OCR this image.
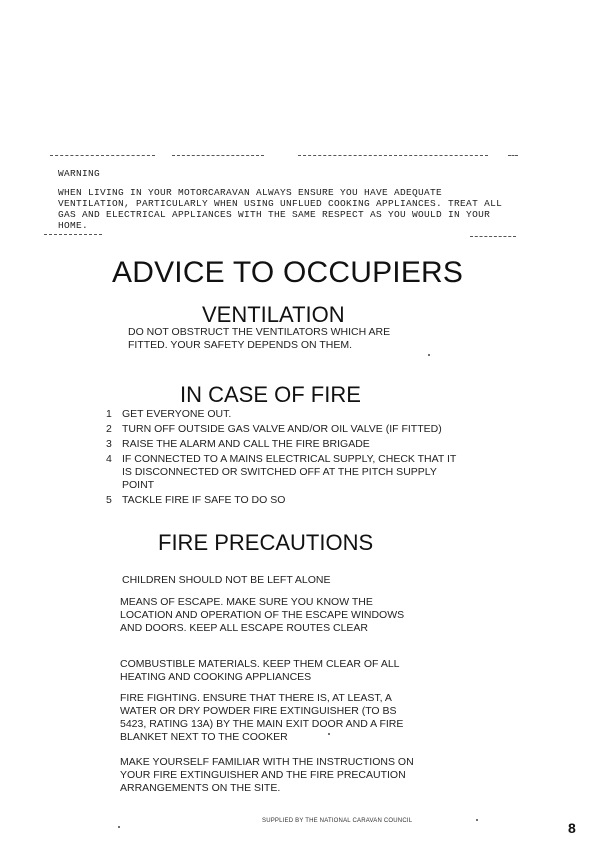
WARNING
WHEN LIVING IN YOUR MOTORCARAVAN ALWAYS ENSURE YOU HAVE ADEQUATE VENTILATION, PARTICULARLY WHEN USING UNFLUED COOKING APPLIANCES. TREAT ALL GAS AND ELECTRICAL APPLIANCES WITH THE SAME RESPECT AS YOU WOULD IN YOUR HOME.
ADVICE TO OCCUPIERS
VENTILATION
DO NOT OBSTRUCT THE VENTILATORS WHICH ARE FITTED. YOUR SAFETY DEPENDS ON THEM.
IN CASE OF FIRE
1 GET EVERYONE OUT.
2 TURN OFF OUTSIDE GAS VALVE AND/OR OIL VALVE (IF FITTED)
3 RAISE THE ALARM AND CALL THE FIRE BRIGADE
4 IF CONNECTED TO A MAINS ELECTRICAL SUPPLY, CHECK THAT IT IS DISCONNECTED OR SWITCHED OFF AT THE PITCH SUPPLY POINT
5 TACKLE FIRE IF SAFE TO DO SO
FIRE PRECAUTIONS
CHILDREN SHOULD NOT BE LEFT ALONE
MEANS OF ESCAPE. MAKE SURE YOU KNOW THE LOCATION AND OPERATION OF THE ESCAPE WINDOWS AND DOORS. KEEP ALL ESCAPE ROUTES CLEAR
COMBUSTIBLE MATERIALS. KEEP THEM CLEAR OF ALL HEATING AND COOKING APPLIANCES
FIRE FIGHTING. ENSURE THAT THERE IS, AT LEAST, A WATER OR DRY POWDER FIRE EXTINGUISHER (TO BS 5423, RATING 13A) BY THE MAIN EXIT DOOR AND A FIRE BLANKET NEXT TO THE COOKER
MAKE YOURSELF FAMILIAR WITH THE INSTRUCTIONS ON YOUR FIRE EXTINGUISHER AND THE FIRE PRECAUTION ARRANGEMENTS ON THE SITE.
SUPPLIED BY THE NATIONAL CARAVAN COUNCIL	8
